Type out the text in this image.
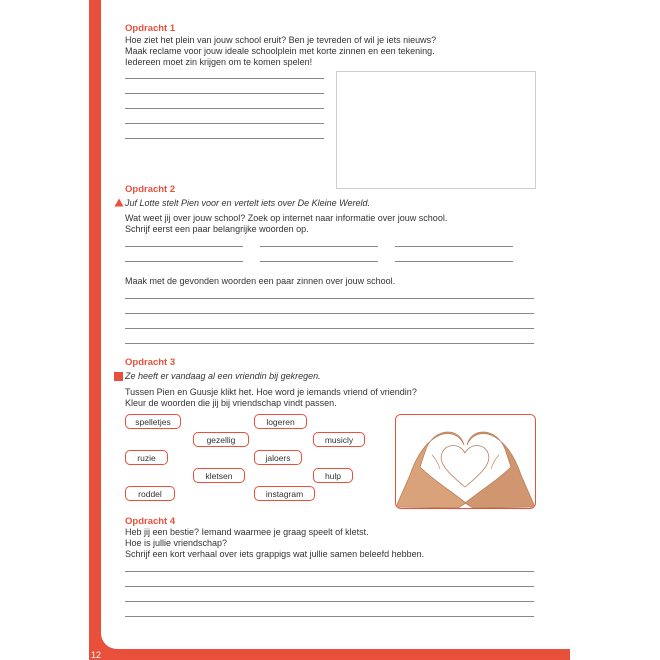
12
Opdracht 1
Hoe ziet het plein van jouw school eruit? Ben je tevreden of wil je iets nieuws?
Maak reclame voor jouw ideale schoolplein met korte zinnen en een tekening.
Iedereen moet zin krijgen om te komen spelen!
Opdracht 2
Juf Lotte stelt Pien voor en vertelt iets over De Kleine Wereld.
Wat weet jij over jouw school? Zoek op internet naar informatie over jouw school.
Schrijf eerst een paar belangrijke woorden op.
Maak met de gevonden woorden een paar zinnen over jouw school.
Opdracht 3
Ze heeft er vandaag al een vriendin bij gekregen.
Tussen Pien en Guusje klikt het. Hoe word je iemands vriend of vriendin?
Kleur de woorden die jij bij vriendschap vindt passen.
spelletjes	logeren
gezellig	musicly
ruzie	jaloers
kletsen	hulp
roddel	instagram
Opdracht 4
Heb jij een bestie? Iemand waarmee je graag speelt of kletst.
Hoe is jullie vriendschap?
Schrijf een kort verhaal over iets grappigs wat jullie samen beleefd hebben.
